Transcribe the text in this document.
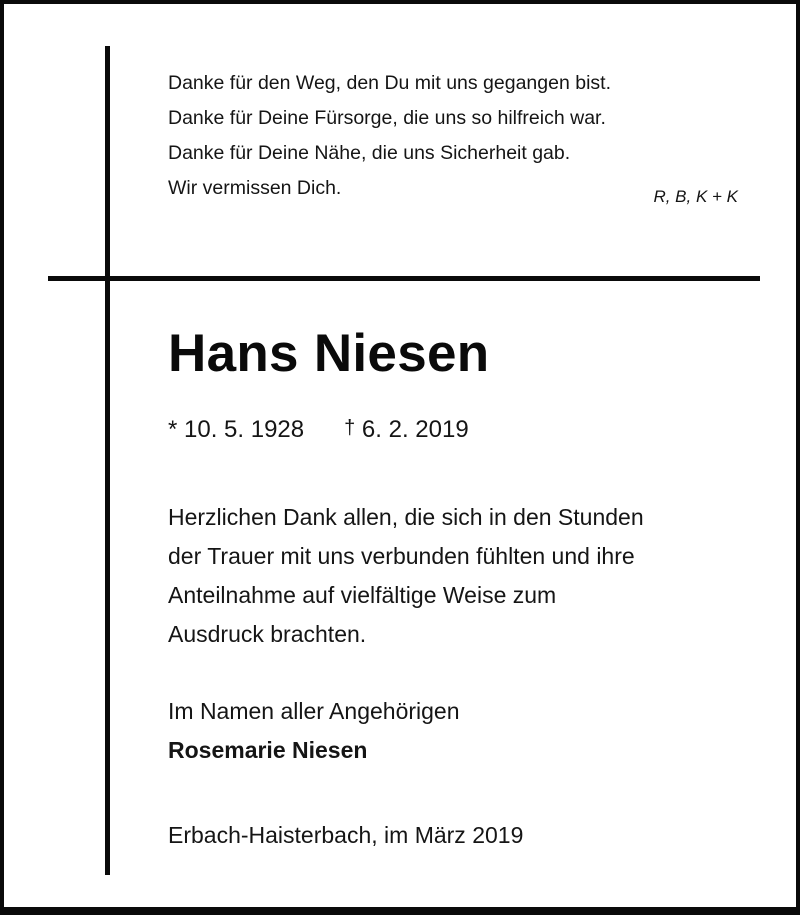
Danke für den Weg, den Du mit uns gegangen bist.
Danke für Deine Fürsorge, die uns so hilfreich war.
Danke für Deine Nähe, die uns Sicherheit gab.
Wir vermissen Dich.	R, B, K + K
Hans Niesen
* 10. 5. 1928 † 6. 2. 2019
Herzlichen Dank allen, die sich in den Stunden
der Trauer mit uns verbunden fühlten und ihre
Anteilnahme auf vielfältige Weise zum
Ausdruck brachten.
Im Namen aller Angehörigen
Rosemarie Niesen
Erbach-Haisterbach, im März 2019
